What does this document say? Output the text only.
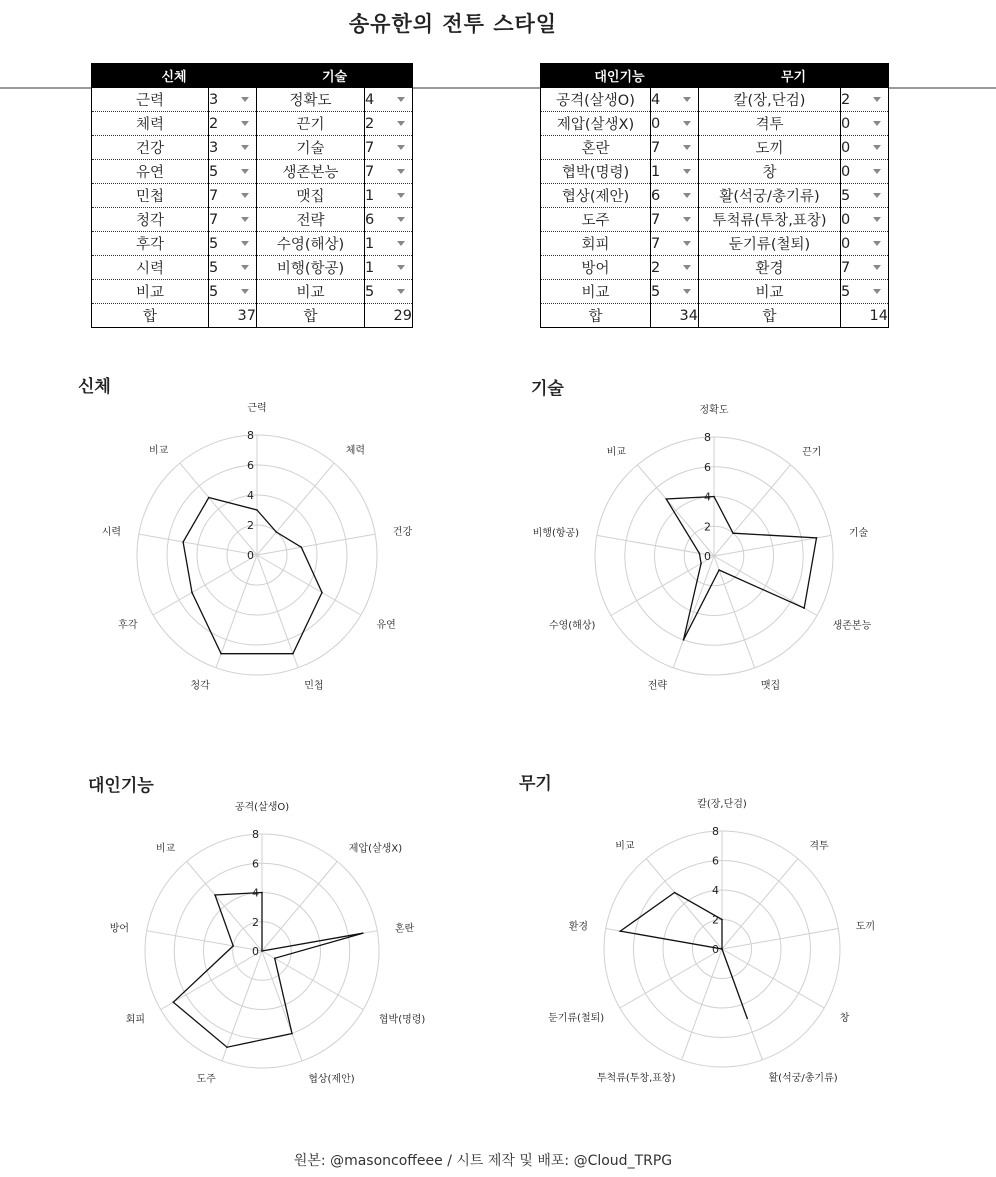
송유한의 전투 스타일
신체		기술	
근력	3	정확도	4

체력	2	끈기	2

건강	3	기술	7

유연	5	생존본능	7

민첩	7	맷집	1

청각	7	전략	6

후각	5	수영(해상)	1

시력	5	비행(항공)	1

비교	5	비교	5

합	37	합	29
대인기능		무기	
공격(살생O)	4	칼(장,단검)	2

제압(살생X)	0	격투	0

혼란	7	도끼	0

협박(명령)	1	창	0

협상(제안)	6	활(석궁/총기류)	5

도주	7	투척류(투창,표창)	0

회피	7	둔기류(철퇴)	0

방어	2	환경	7

비교	5	비교	5

합	34	합	14
신체	기술
대인기능	무기
0
2
4
6
8
근력
체력
건강
유연
민첩
청각
후각
시력
비교
0
2
4
6
8
정확도
끈기
기술
생존본능
맷집
전략
수영(해상)
비행(항공)
비교
0
2
4
6
8
공격(살생O)
제압(살생X)
혼란
협박(명령)
협상(제안)
도주
회피
방어
비교
0
2
4
6
8
칼(장,단검)
격투
도끼
창
활(석궁/총기류)
투척류(투창,표창)
둔기류(철퇴)
환경
비교
원본: @masoncoffeee / 시트 제작 및 배포: @Cloud_TRPG
